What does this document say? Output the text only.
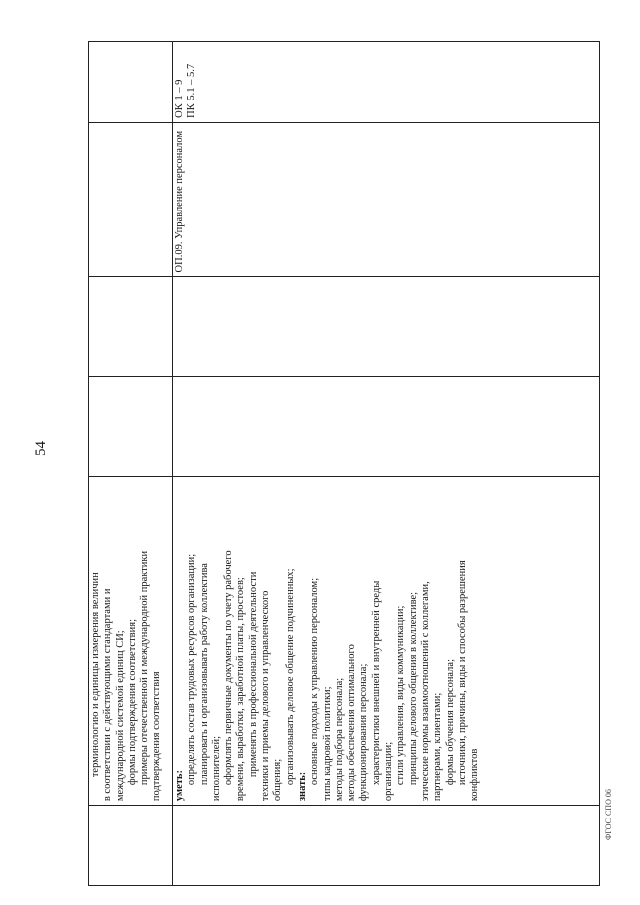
54
ФГОС СПО 06
терминологию и единицы измерения величин в соответствии с действующими стандартами и международной системой единиц СИ; формы подтверждения соответствия; примеры отечественной и международной практики подтверждения соответствия уметь:
определять состав трудовых ресурсов организации; планировать и организовывать работу коллектива исполнителей; оформлять первичные документы по учету рабочего времени, выработки, заработной платы, простоев; применять в профессиональной деятельности техники и приемы делового и управленческого общения; организовывать деловое общение подчиненных;
знать:
основные подходы к управлению персоналом; типы кадровой политики; методы подбора персонала; методы обеспечения оптимального функционирования персонала; характеристики внешней и внутренней среды организации; стили управления, виды коммуникации; принципы делового общения в коллективе; этические нормы взаимоотношений с коллегами, партнерами, клиентами; формы обучения персонала; источники, причины, виды и способы разрешения конфликтов
ОП.09. Управление персоналом
ОК 1 – 9 ПК 5.1 – 5.7
